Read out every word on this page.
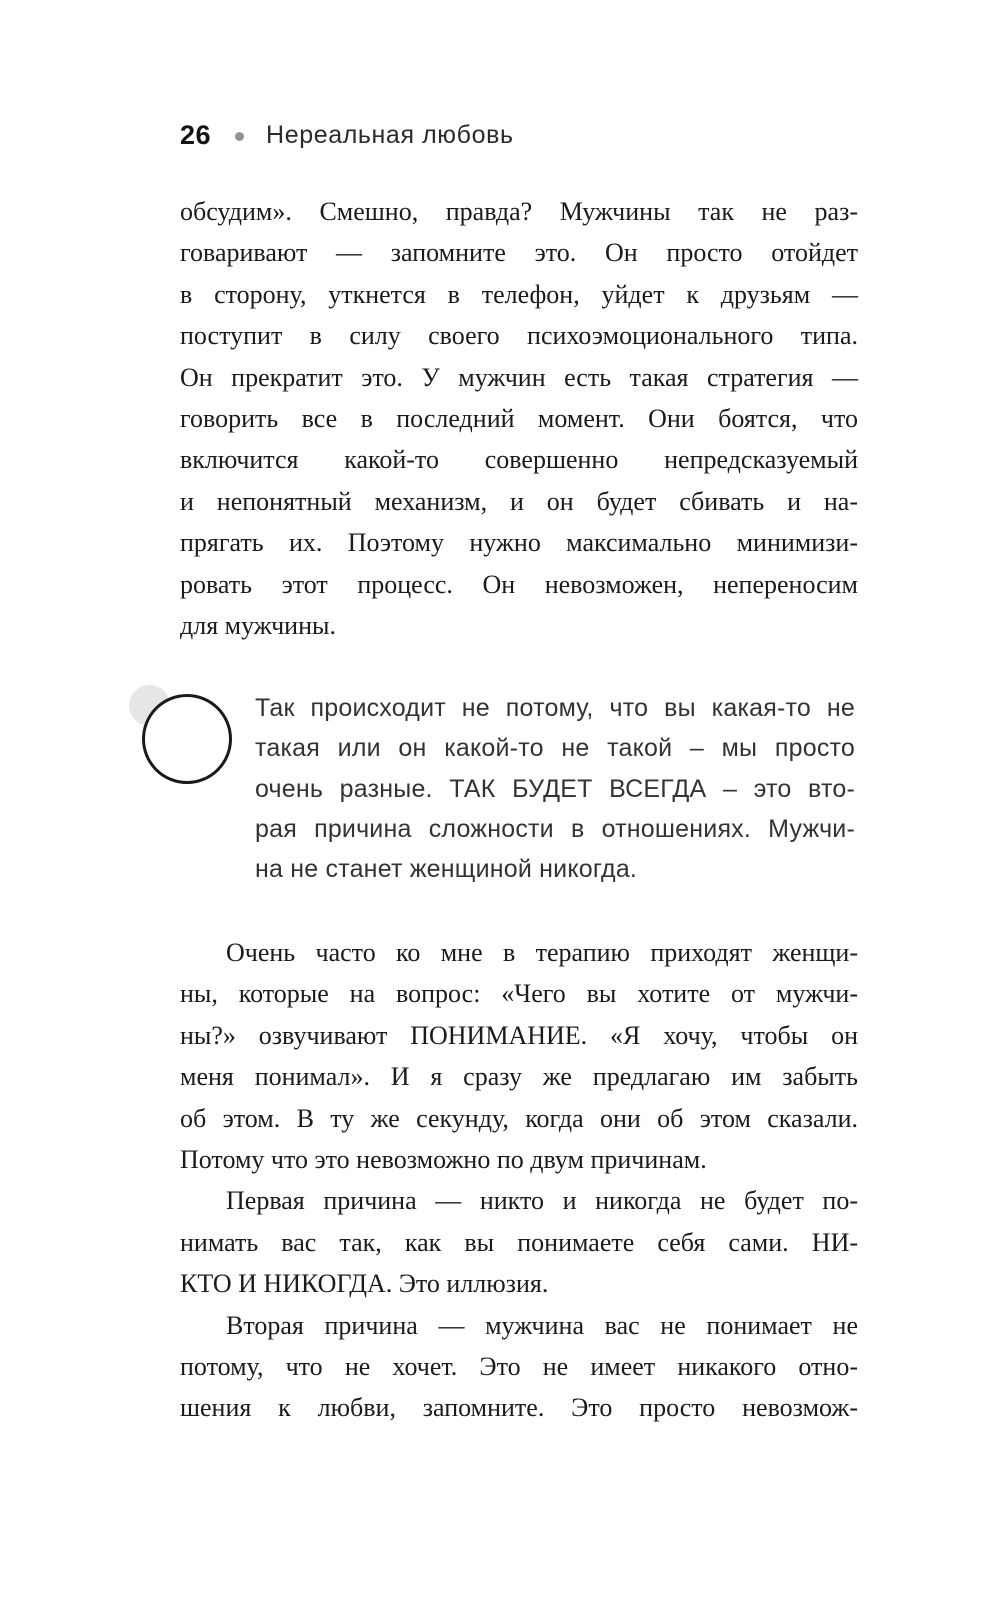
26 Нереальная любовь
обсудим». Смешно, правда? Мужчины так не раз-
говаривают — запомните это. Он просто отойдет
в сторону, уткнется в телефон, уйдет к друзьям —
поступит в силу своего психоэмоционального типа.
Он прекратит это. У мужчин есть такая стратегия —
говорить все в последний момент. Они боятся, что
включится какой-то совершенно непредсказуемый
и непонятный механизм, и он будет сбивать и на-
прягать их. Поэтому нужно максимально минимизи-
ровать этот процесс. Он невозможен, непереносим
для мужчины.
Так происходит не потому, что вы какая-то не
такая или он какой-то не такой – мы просто
очень разные. ТАК БУДЕТ ВСЕГДА – это вто-
рая причина сложности в отношениях. Мужчи-
на не станет женщиной никогда.
Очень часто ко мне в терапию приходят женщи-
ны, которые на вопрос: «Чего вы хотите от мужчи-
ны?» озвучивают ПОНИМАНИЕ. «Я хочу, чтобы он
меня понимал». И я сразу же предлагаю им забыть
об этом. В ту же секунду, когда они об этом сказали.
Потому что это невозможно по двум причинам.
Первая причина — никто и никогда не будет по-
нимать вас так, как вы понимаете себя сами. НИ-
КТО И НИКОГДА. Это иллюзия.
Вторая причина — мужчина вас не понимает не
потому, что не хочет. Это не имеет никакого отно-
шения к любви, запомните. Это просто невозмож-
